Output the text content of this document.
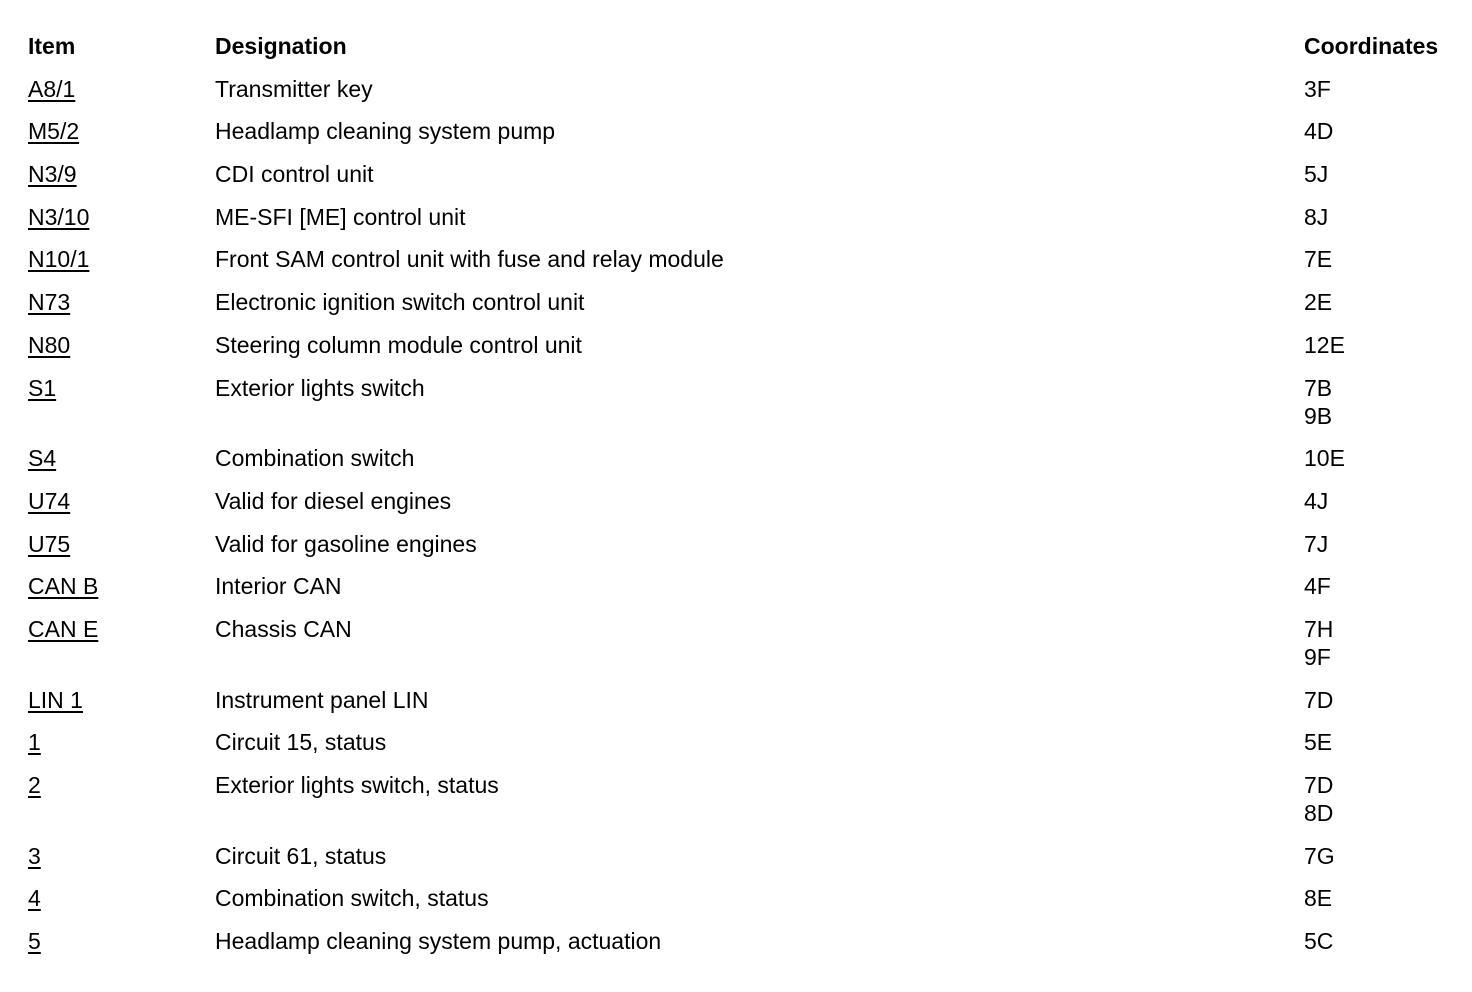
Item	Designation	Coordinates
A8/1	Transmitter key	3F
M5/2	Headlamp cleaning system pump	4D
N3/9	CDI control unit	5J
N3/10	ME-SFI [ME] control unit	8J
N10/1	Front SAM control unit with fuse and relay module	7E
N73	Electronic ignition switch control unit	2E
N80	Steering column module control unit	12E
S1	Exterior lights switch	7B
9B
S4	Combination switch	10E
U74	Valid for diesel engines	4J
U75	Valid for gasoline engines	7J
CAN B	Interior CAN	4F
CAN E	Chassis CAN	7H
9F
LIN 1	Instrument panel LIN	7D
1	Circuit 15, status	5E
2	Exterior lights switch, status	7D
8D
3	Circuit 61, status	7G
4	Combination switch, status	8E
5	Headlamp cleaning system pump, actuation	5C
